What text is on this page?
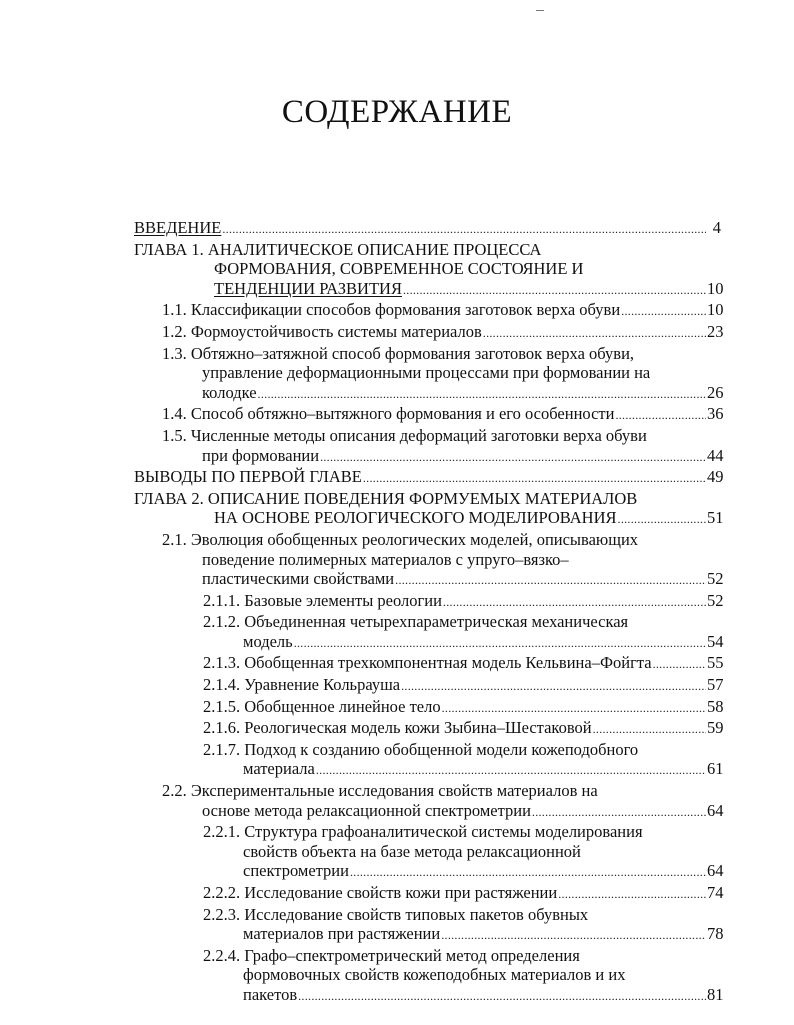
СОДЕРЖАНИЕ
ВВЕДЕНИЕ .....	4
ГЛАВА 1. АНАЛИТИЧЕСКОЕ ОПИСАНИЕ ПРОЦЕССА
ФОРМОВАНИЯ, СОВРЕМЕННОЕ СОСТОЯНИЕ И
ТЕНДЕНЦИИ РАЗВИТИЯ .....	10
1.1. Классификации способов формования заготовок верха обуви .....	10
1.2. Формоустойчивость системы материалов .....	23
1.3. Обтяжно–затяжной способ формования заготовок верха обуви,
управление деформационными процессами при формовании на
колодке .....	26
1.4. Способ обтяжно–вытяжного формования и его особенности .....	36
1.5. Численные методы описания деформаций заготовки верха обуви
при формовании .....	44
ВЫВОДЫ ПО ПЕРВОЙ ГЛАВЕ .....	49
ГЛАВА 2. ОПИСАНИЕ ПОВЕДЕНИЯ ФОРМУЕМЫХ МАТЕРИАЛОВ
НА ОСНОВЕ РЕОЛОГИЧЕСКОГО МОДЕЛИРОВАНИЯ .....	51
2.1. Эволюция обобщенных реологических моделей, описывающих
поведение полимерных материалов с упруго–вязко–
пластическими свойствами .....	52
2.1.1. Базовые элементы реологии .....	52
2.1.2. Объединенная четырехпараметрическая механическая
модель .....	54
2.1.3. Обобщенная трехкомпонентная модель Кельвина–Фойгта .....	55
2.1.4. Уравнение Кольрауша .....	57
2.1.5. Обобщенное линейное тело .....	58
2.1.6. Реологическая модель кожи Зыбина–Шестаковой .....	59
2.1.7. Подход к созданию обобщенной модели кожеподобного
материала .....	61
2.2. Экспериментальные исследования свойств материалов на
основе метода релаксационной спектрометрии .....	64
2.2.1. Структура графоаналитической системы моделирования
свойств объекта на базе метода релаксационной
спектрометрии .....	64
2.2.2. Исследование свойств кожи при растяжении .....	74
2.2.3. Исследование свойств типовых пакетов обувных
материалов при растяжении .....	78
2.2.4. Графо–спектрометрический метод определения
формовочных свойств кожеподобных материалов и их
пакетов .....	81
